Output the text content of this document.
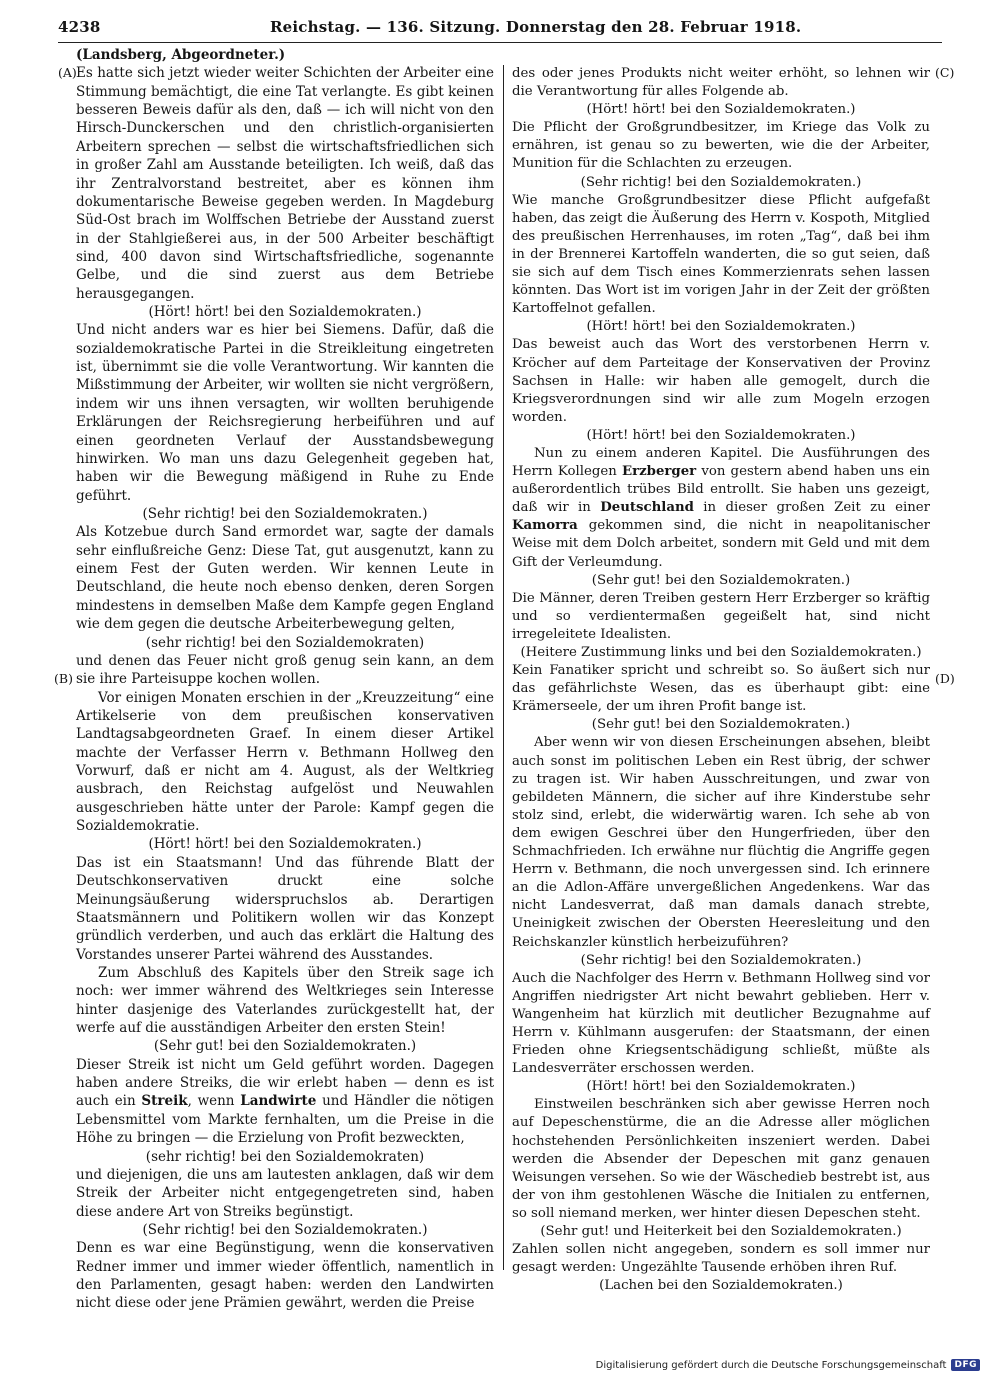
4238	Reichstag. — 136. Sitzung. Donnerstag den 28. Februar 1918.
(A)
(B)
(C)
(D)

(Landsberg, Abgeordneter.)

Es hatte sich jetzt wieder weiter Schichten der Arbeiter eine Stimmung bemächtigt, die eine Tat verlangte. Es gibt keinen besseren Beweis dafür als den, daß — ich will nicht von den Hirsch-Dunckerschen und den christlich-organisierten Arbeitern sprechen — selbst die wirtschaftsfriedlichen sich in großer Zahl am Ausstande beteiligten. Ich weiß, daß das ihr Zentralvorstand bestreitet, aber es können ihm dokumentarische Beweise gegeben werden. In Magdeburg Süd-Ost brach im Wolffschen Betriebe der Ausstand zuerst in der Stahlgießerei aus, in der 500 Arbeiter beschäftigt sind, 400 davon sind Wirtschaftsfriedliche, sogenannte Gelbe, und die sind zuerst aus dem Betriebe herausgegangen.

(Hört! hört! bei den Sozialdemokraten.)

Und nicht anders war es hier bei Siemens. Dafür, daß die sozialdemokratische Partei in die Streikleitung eingetreten ist, übernimmt sie die volle Verantwortung. Wir kannten die Mißstimmung der Arbeiter, wir wollten sie nicht vergrößern, indem wir uns ihnen versagten, wir wollten beruhigende Erklärungen der Reichsregierung herbeiführen und auf einen geordneten Verlauf der Ausstandsbewegung hinwirken. Wo man uns dazu Gelegenheit gegeben hat, haben wir die Bewegung mäßigend in Ruhe zu Ende geführt.

(Sehr richtig! bei den Sozialdemokraten.)

Als Kotzebue durch Sand ermordet war, sagte der damals sehr einflußreiche Genz: Diese Tat, gut ausgenutzt, kann zu einem Fest der Guten werden. Wir kennen Leute in Deutschland, die heute noch ebenso denken, deren Sorgen mindestens in demselben Maße dem Kampfe gegen England wie dem gegen die deutsche Arbeiterbewegung gelten,

(sehr richtig! bei den Sozialdemokraten)

und denen das Feuer nicht groß genug sein kann, an dem sie ihre Parteisuppe kochen wollen.

Vor einigen Monaten erschien in der „Kreuzzeitung“ eine Artikelserie von dem preußischen konservativen Landtagsabgeordneten Graef. In einem dieser Artikel machte der Verfasser Herrn v. Bethmann Hollweg den Vorwurf, daß er nicht am 4. August, als der Weltkrieg ausbrach, den Reichstag aufgelöst und Neuwahlen ausgeschrieben hätte unter der Parole: Kampf gegen die Sozialdemokratie.

(Hört! hört! bei den Sozialdemokraten.)

Das ist ein Staatsmann! Und das führende Blatt der Deutschkonservativen druckt eine solche Meinungsäußerung widerspruchslos ab. Derartigen Staatsmännern und Politikern wollen wir das Konzept gründlich verderben, und auch das erklärt die Haltung des Vorstandes unserer Partei während des Ausstandes.

Zum Abschluß des Kapitels über den Streik sage ich noch: wer immer während des Weltkrieges sein Interesse hinter dasjenige des Vaterlandes zurückgestellt hat, der werfe auf die ausständigen Arbeiter den ersten Stein!

(Sehr gut! bei den Sozialdemokraten.)

Dieser Streik ist nicht um Geld geführt worden. Dagegen haben andere Streiks, die wir erlebt haben — denn es ist auch ein Streik, wenn Landwirte und Händler die nötigen Lebensmittel vom Markte fernhalten, um die Preise in die Höhe zu bringen — die Erzielung von Profit bezweckten,

(sehr richtig! bei den Sozialdemokraten)

und diejenigen, die uns am lautesten anklagen, daß wir dem Streik der Arbeiter nicht entgegengetreten sind, haben diese andere Art von Streiks begünstigt.

(Sehr richtig! bei den Sozialdemokraten.)

Denn es war eine Begünstigung, wenn die konservativen Redner immer und immer wieder öffentlich, namentlich in den Parlamenten, gesagt haben: werden den Landwirten nicht diese oder jene Prämien gewährt, werden die Preise

des oder jenes Produkts nicht weiter erhöht, so lehnen wir die Verantwortung für alles Folgende ab.

(Hört! hört! bei den Sozialdemokraten.)

Die Pflicht der Großgrundbesitzer, im Kriege das Volk zu ernähren, ist genau so zu bewerten, wie die der Arbeiter, Munition für die Schlachten zu erzeugen.

(Sehr richtig! bei den Sozialdemokraten.)

Wie manche Großgrundbesitzer diese Pflicht aufgefaßt haben, das zeigt die Äußerung des Herrn v. Kospoth, Mitglied des preußischen Herrenhauses, im roten „Tag“, daß bei ihm in der Brennerei Kartoffeln wanderten, die so gut seien, daß sie sich auf dem Tisch eines Kommerzienrats sehen lassen könnten. Das Wort ist im vorigen Jahr in der Zeit der größten Kartoffelnot gefallen.

(Hört! hört! bei den Sozialdemokraten.)

Das beweist auch das Wort des verstorbenen Herrn v. Kröcher auf dem Parteitage der Konservativen der Provinz Sachsen in Halle: wir haben alle gemogelt, durch die Kriegsverordnungen sind wir alle zum Mogeln erzogen worden.

(Hört! hört! bei den Sozialdemokraten.)

Nun zu einem anderen Kapitel. Die Ausführungen des Herrn Kollegen Erzberger von gestern abend haben uns ein außerordentlich trübes Bild entrollt. Sie haben uns gezeigt, daß wir in Deutschland in dieser großen Zeit zu einer Kamorra gekommen sind, die nicht in neapolitanischer Weise mit dem Dolch arbeitet, sondern mit Geld und mit dem Gift der Verleumdung.

(Sehr gut! bei den Sozialdemokraten.)

Die Männer, deren Treiben gestern Herr Erzberger so kräftig und so verdientermaßen gegeißelt hat, sind nicht irregeleitete Idealisten.

(Heitere Zustimmung links und bei den Sozialdemokraten.)

Kein Fanatiker spricht und schreibt so. So äußert sich nur das gefährlichste Wesen, das es überhaupt gibt: eine Krämerseele, der um ihren Profit bange ist.

(Sehr gut! bei den Sozialdemokraten.)

Aber wenn wir von diesen Erscheinungen absehen, bleibt auch sonst im politischen Leben ein Rest übrig, der schwer zu tragen ist. Wir haben Ausschreitungen, und zwar von gebildeten Männern, die sicher auf ihre Kinderstube sehr stolz sind, erlebt, die widerwärtig waren. Ich sehe ab von dem ewigen Geschrei über den Hungerfrieden, über den Schmachfrieden. Ich erwähne nur flüchtig die Angriffe gegen Herrn v. Bethmann, die noch unvergessen sind. Ich erinnere an die Adlon-Affäre unvergeßlichen Angedenkens. War das nicht Landesverrat, daß man damals danach strebte, Uneinigkeit zwischen der Obersten Heeresleitung und den Reichskanzler künstlich herbeizuführen?

(Sehr richtig! bei den Sozialdemokraten.)

Auch die Nachfolger des Herrn v. Bethmann Hollweg sind vor Angriffen niedrigster Art nicht bewahrt geblieben. Herr v. Wangenheim hat kürzlich mit deutlicher Bezugnahme auf Herrn v. Kühlmann ausgerufen: der Staatsmann, der einen Frieden ohne Kriegsentschädigung schließt, müßte als Landesverräter erschossen werden.

(Hört! hört! bei den Sozialdemokraten.)

Einstweilen beschränken sich aber gewisse Herren noch auf Depeschenstürme, die an die Adresse aller möglichen hochstehenden Persönlichkeiten inszeniert werden. Dabei werden die Absender der Depeschen mit ganz genauen Weisungen versehen. So wie der Wäschedieb bestrebt ist, aus der von ihm gestohlenen Wäsche die Initialen zu entfernen, so soll niemand merken, wer hinter diesen Depeschen steht.

(Sehr gut! und Heiterkeit bei den Sozialdemokraten.)

Zahlen sollen nicht angegeben, sondern es soll immer nur gesagt werden: Ungezählte Tausende erhöben ihren Ruf.

(Lachen bei den Sozialdemokraten.)

Digitalisierung gefördert durch die Deutsche Forschungsgemeinschaft DFG
